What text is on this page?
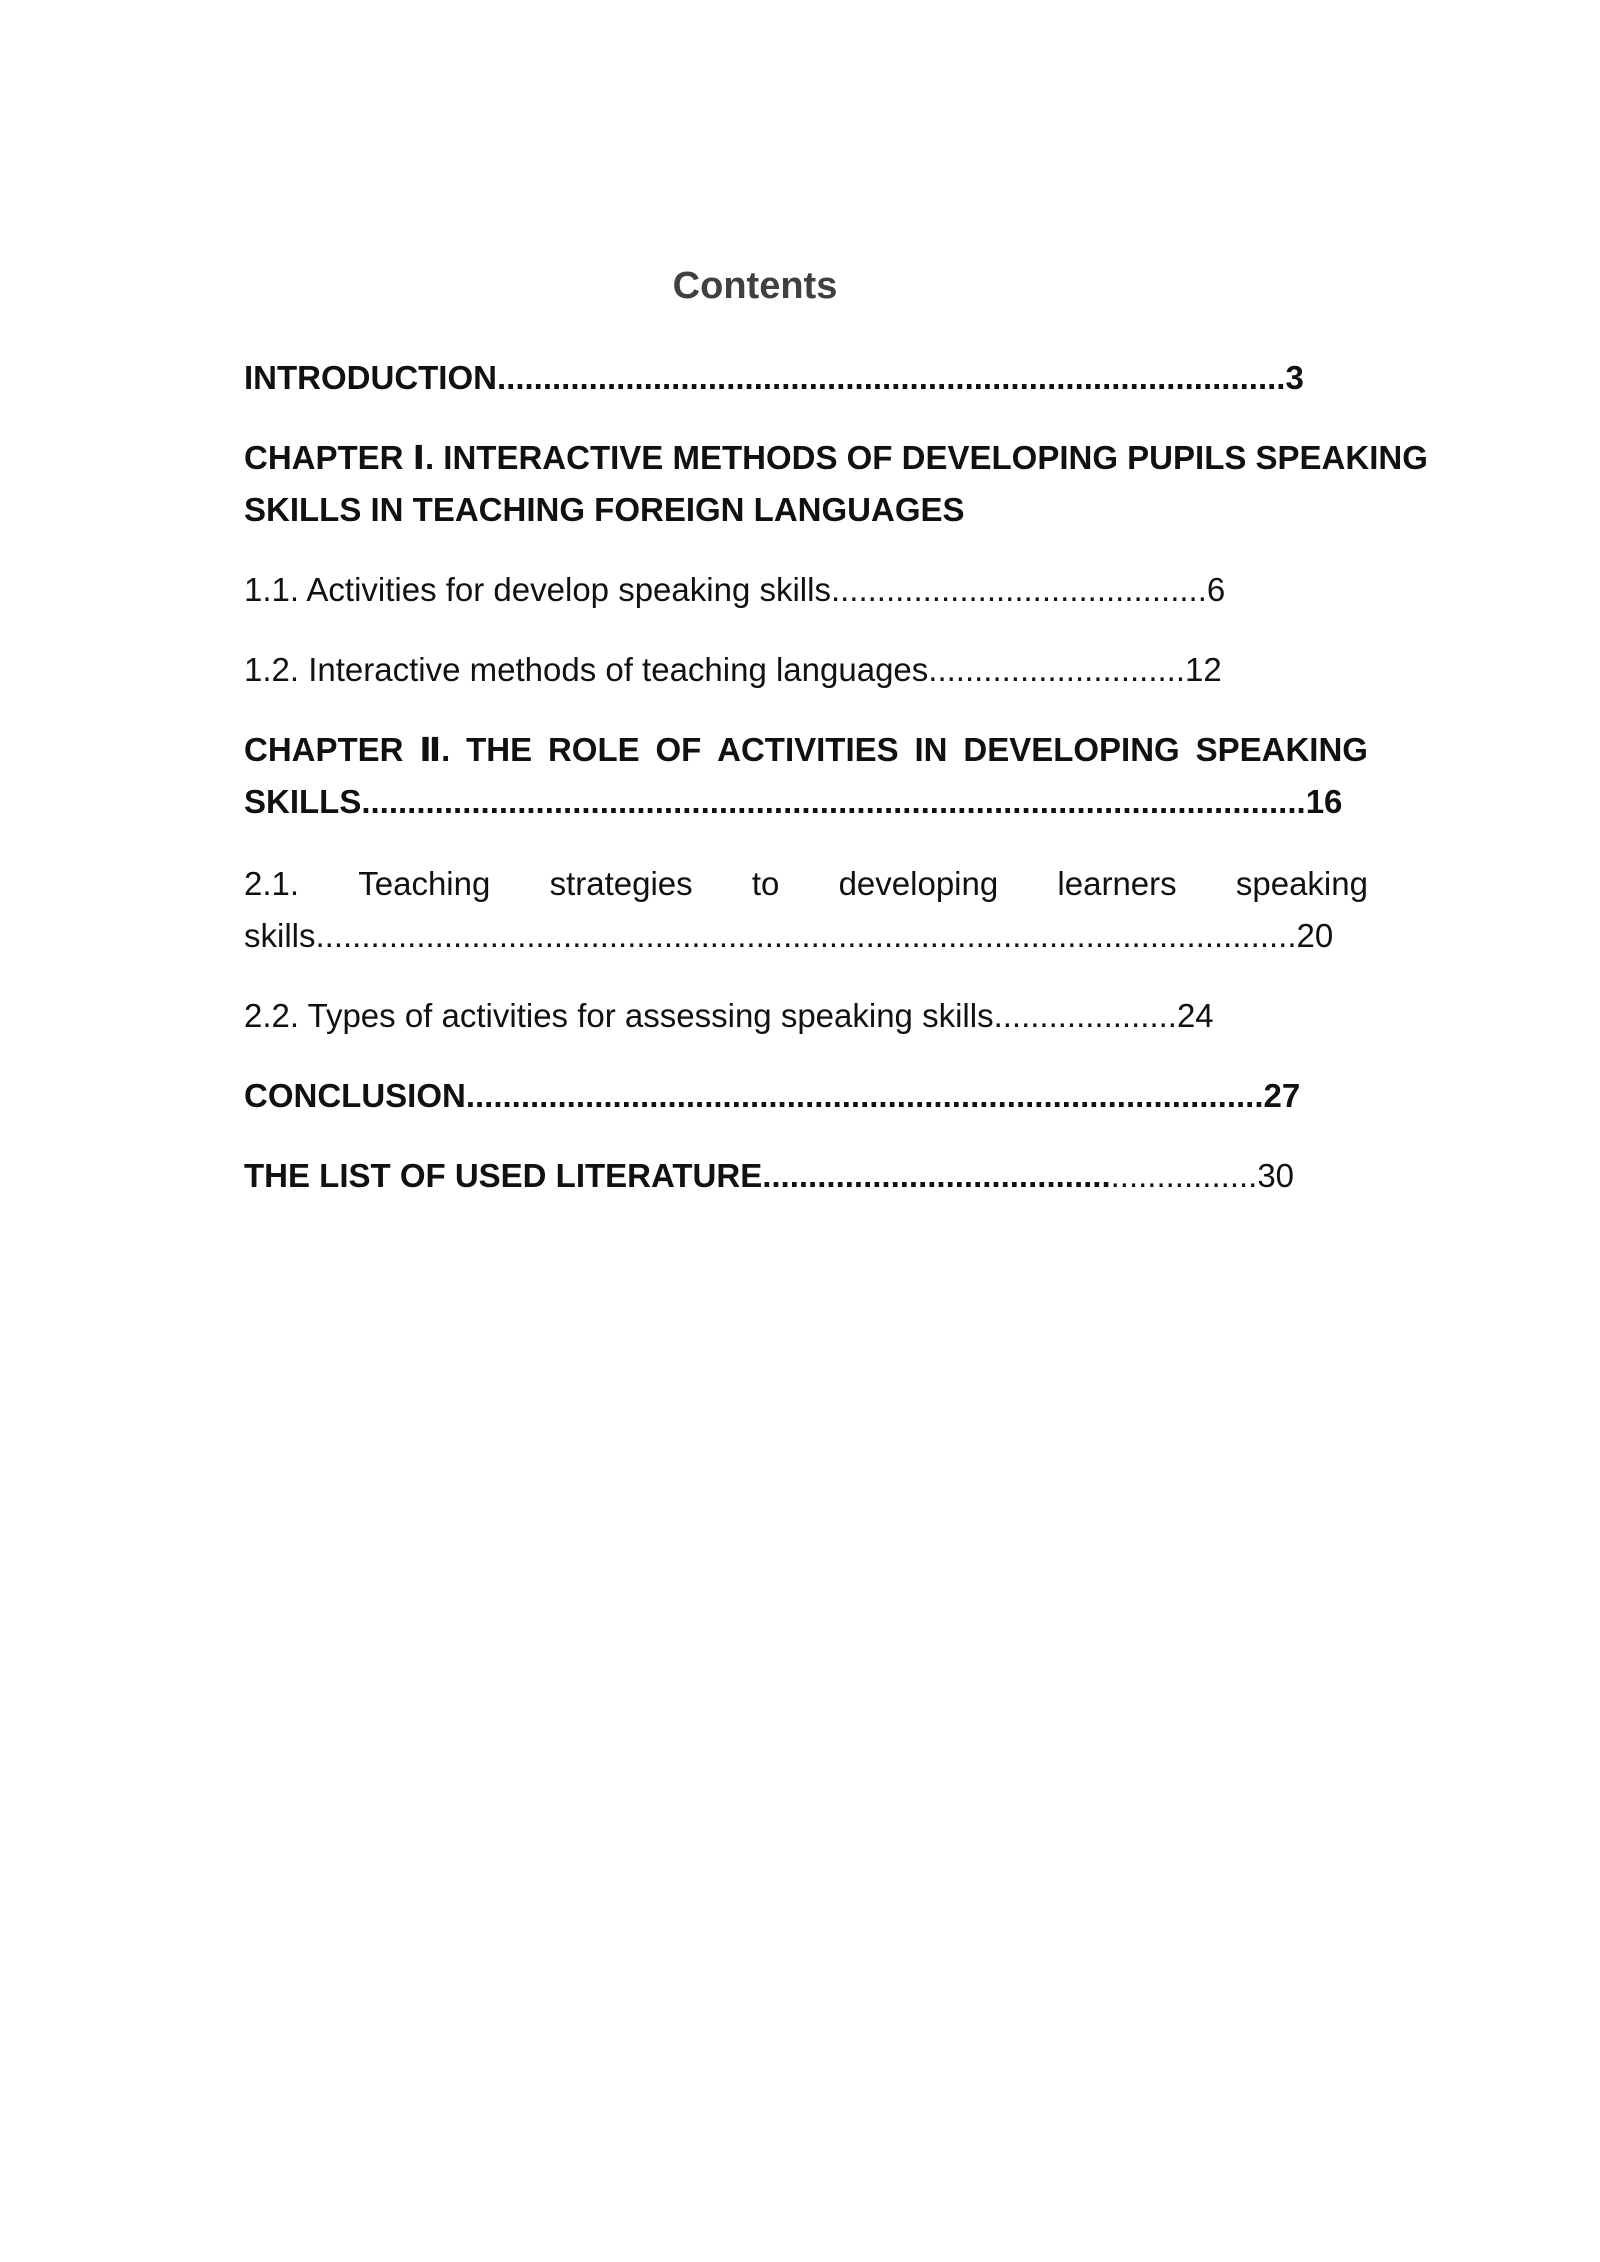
Contents
INTRODUCTION......................................................................................3
CHAPTER Ⅰ. INTERACTIVE METHODS OF DEVELOPING PUPILS SPEAKING
SKILLS IN TEACHING FOREIGN LANGUAGES
1.1. Activities for develop speaking skills.........................................6
1.2. Interactive methods of teaching languages............................12
CHAPTER Ⅱ. THE ROLE OF ACTIVITIES IN DEVELOPING SPEAKING
SKILLS.......................................................................................................16
2.1. Teaching strategies to developing learners speaking
skills...........................................................................................................20
2.2. Types of activities for assessing speaking skills....................24
CONCLUSION.......................................................................................27
THE LIST OF USED LITERATURE......................................................30
